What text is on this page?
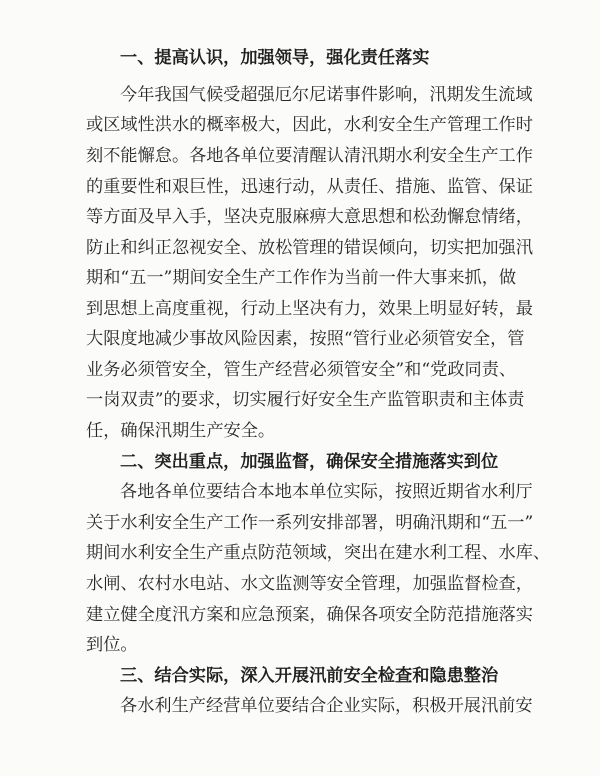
一、提高认识，加强领导，强化责任落实
今年我国气候受超强厄尔尼诺事件影响，汛期发生流域
或区域性洪水的概率极大，因此，水利安全生产管理工作时
刻不能懈怠。各地各单位要清醒认清汛期水利安全生产工作
的重要性和艰巨性，迅速行动，从责任、措施、监管、保证
等方面及早入手，坚决克服麻痹大意思想和松劲懈怠情绪，
防止和纠正忽视安全、放松管理的错误倾向，切实把加强汛
期和“五一”期间安全生产工作作为当前一件大事来抓，做
到思想上高度重视，行动上坚决有力，效果上明显好转，最
大限度地减少事故风险因素，按照“管行业必须管安全，管
业务必须管安全，管生产经营必须管安全”和“党政同责、
一岗双责”的要求，切实履行好安全生产监管职责和主体责
任，确保汛期生产安全。
二、突出重点，加强监督，确保安全措施落实到位
各地各单位要结合本地本单位实际，按照近期省水利厅
关于水利安全生产工作一系列安排部署，明确汛期和“五一”
期间水利安全生产重点防范领域，突出在建水利工程、水库、
水闸、农村水电站、水文监测等安全管理，加强监督检查，
建立健全度汛方案和应急预案，确保各项安全防范措施落实
到位。
三、结合实际，深入开展汛前安全检查和隐患整治
各水利生产经营单位要结合企业实际，积极开展汛前安
